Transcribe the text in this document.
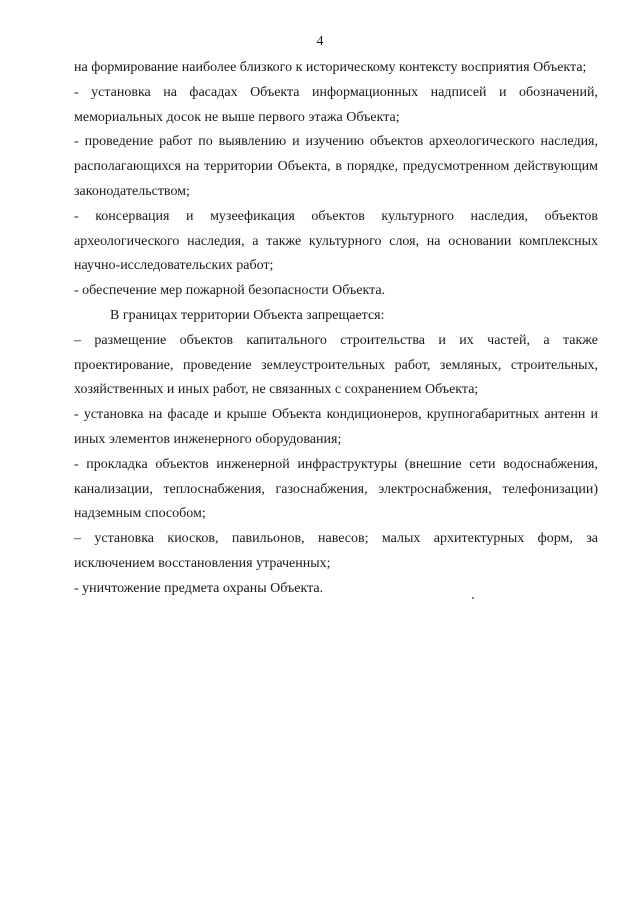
4

на формирование наиболее близкого к историческому контексту восприятия Объекта;

- установка на фасадах Объекта информационных надписей и обозначений, мемориальных досок не выше первого этажа Объекта;

- проведение работ по выявлению и изучению объектов археологического наследия, располагающихся на территории Объекта, в порядке, предусмотренном действующим законодательством;

- консервация и музеефикация объектов культурного наследия, объектов археологического наследия, а также культурного слоя, на основании комплексных научно-исследовательских работ;

- обеспечение мер пожарной безопасности Объекта.

В границах территории Объекта запрещается:

– размещение объектов капитального строительства и их частей, а также проектирование, проведение землеустроительных работ, земляных, строительных, хозяйственных и иных работ, не связанных с сохранением Объекта;

- установка на фасаде и крыше Объекта кондиционеров, крупногабаритных антенн и иных элементов инженерного оборудования;

- прокладка объектов инженерной инфраструктуры (внешние сети водоснабжения, канализации, теплоснабжения, газоснабжения, электроснабжения, телефонизации) надземным способом;

– установка киосков, павильонов, навесов; малых архитектурных форм, за исключением восстановления утраченных;

- уничтожение предмета охраны Объекта.
